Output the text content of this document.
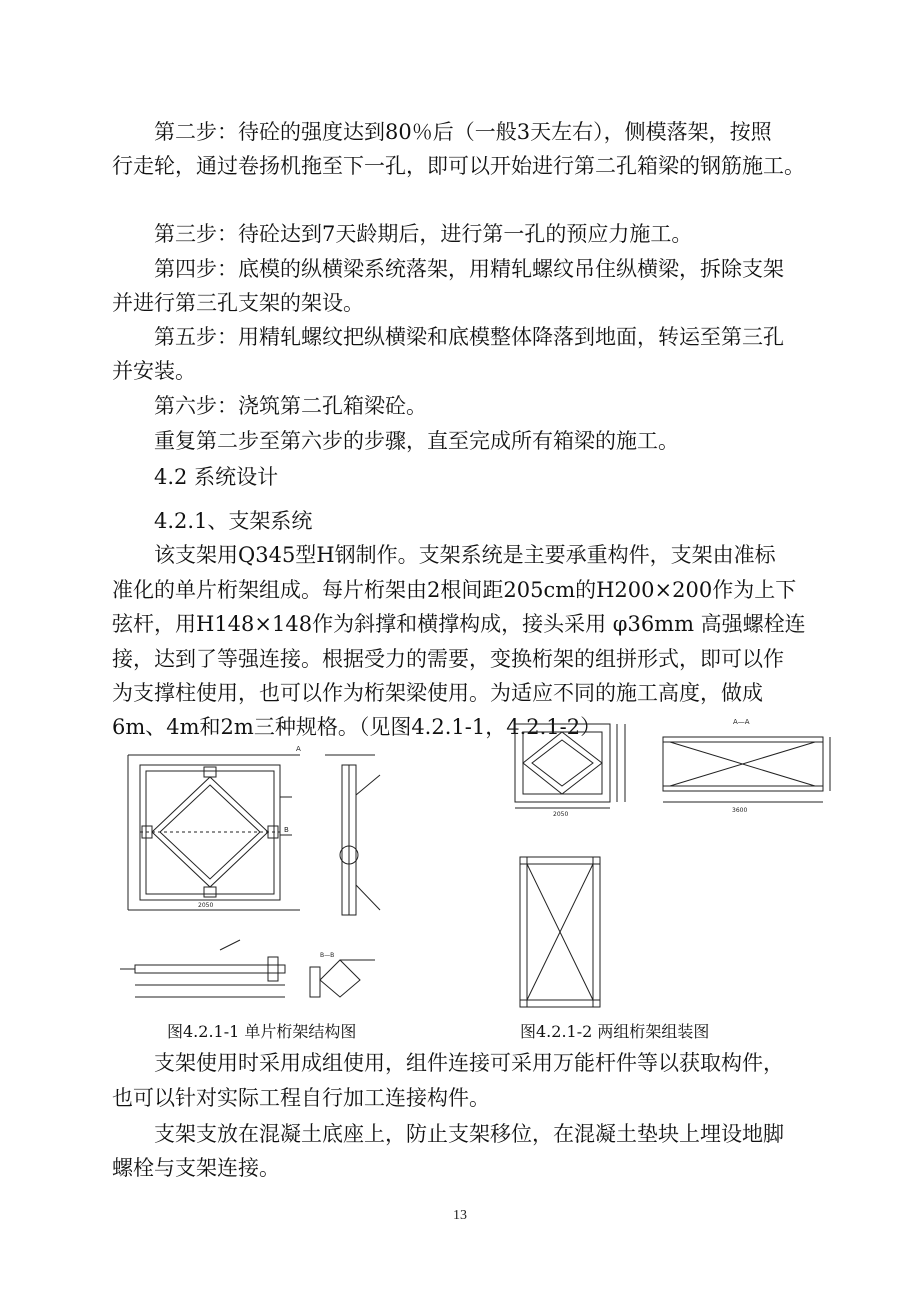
第二步：待砼的强度达到80％后（一般3天左右），侧模落架，按照
行走轮，通过卷扬机拖至下一孔，即可以开始进行第二孔箱梁的钢筋施工。
第三步：待砼达到7天龄期后，进行第一孔的预应力施工。
第四步：底模的纵横梁系统落架，用精轧螺纹吊住纵横梁，拆除支架
并进行第三孔支架的架设。
第五步：用精轧螺纹把纵横梁和底模整体降落到地面，转运至第三孔
并安装。
第六步：浇筑第二孔箱梁砼。
重复第二步至第六步的步骤，直至完成所有箱梁的施工。
4.2 系统设计
4.2.1、支架系统
该支架用Q345型H钢制作。支架系统是主要承重构件，支架由准标
准化的单片桁架组成。每片桁架由2根间距205cm的H200×200作为上下
弦杆，用H148×148作为斜撑和横撑构成，接头采用 φ36mm 高强螺栓连
接，达到了等强连接。根据受力的需要，变换桁架的组拼形式，即可以作
为支撑柱使用，也可以作为桁架梁使用。为适应不同的施工高度，做成
6m、4m和2m三种规格。（见图4.2.1-1，4.2.1-2）
A
B
B—B
2050
A—A
3600
2050
图4.2.1-1 单片桁架结构图	图4.2.1-2 两组桁架组装图
支架使用时采用成组使用，组件连接可采用万能杆件等以获取构件，
也可以针对实际工程自行加工连接构件。
支架支放在混凝土底座上，防止支架移位，在混凝土垫块上埋设地脚
螺栓与支架连接。
13
